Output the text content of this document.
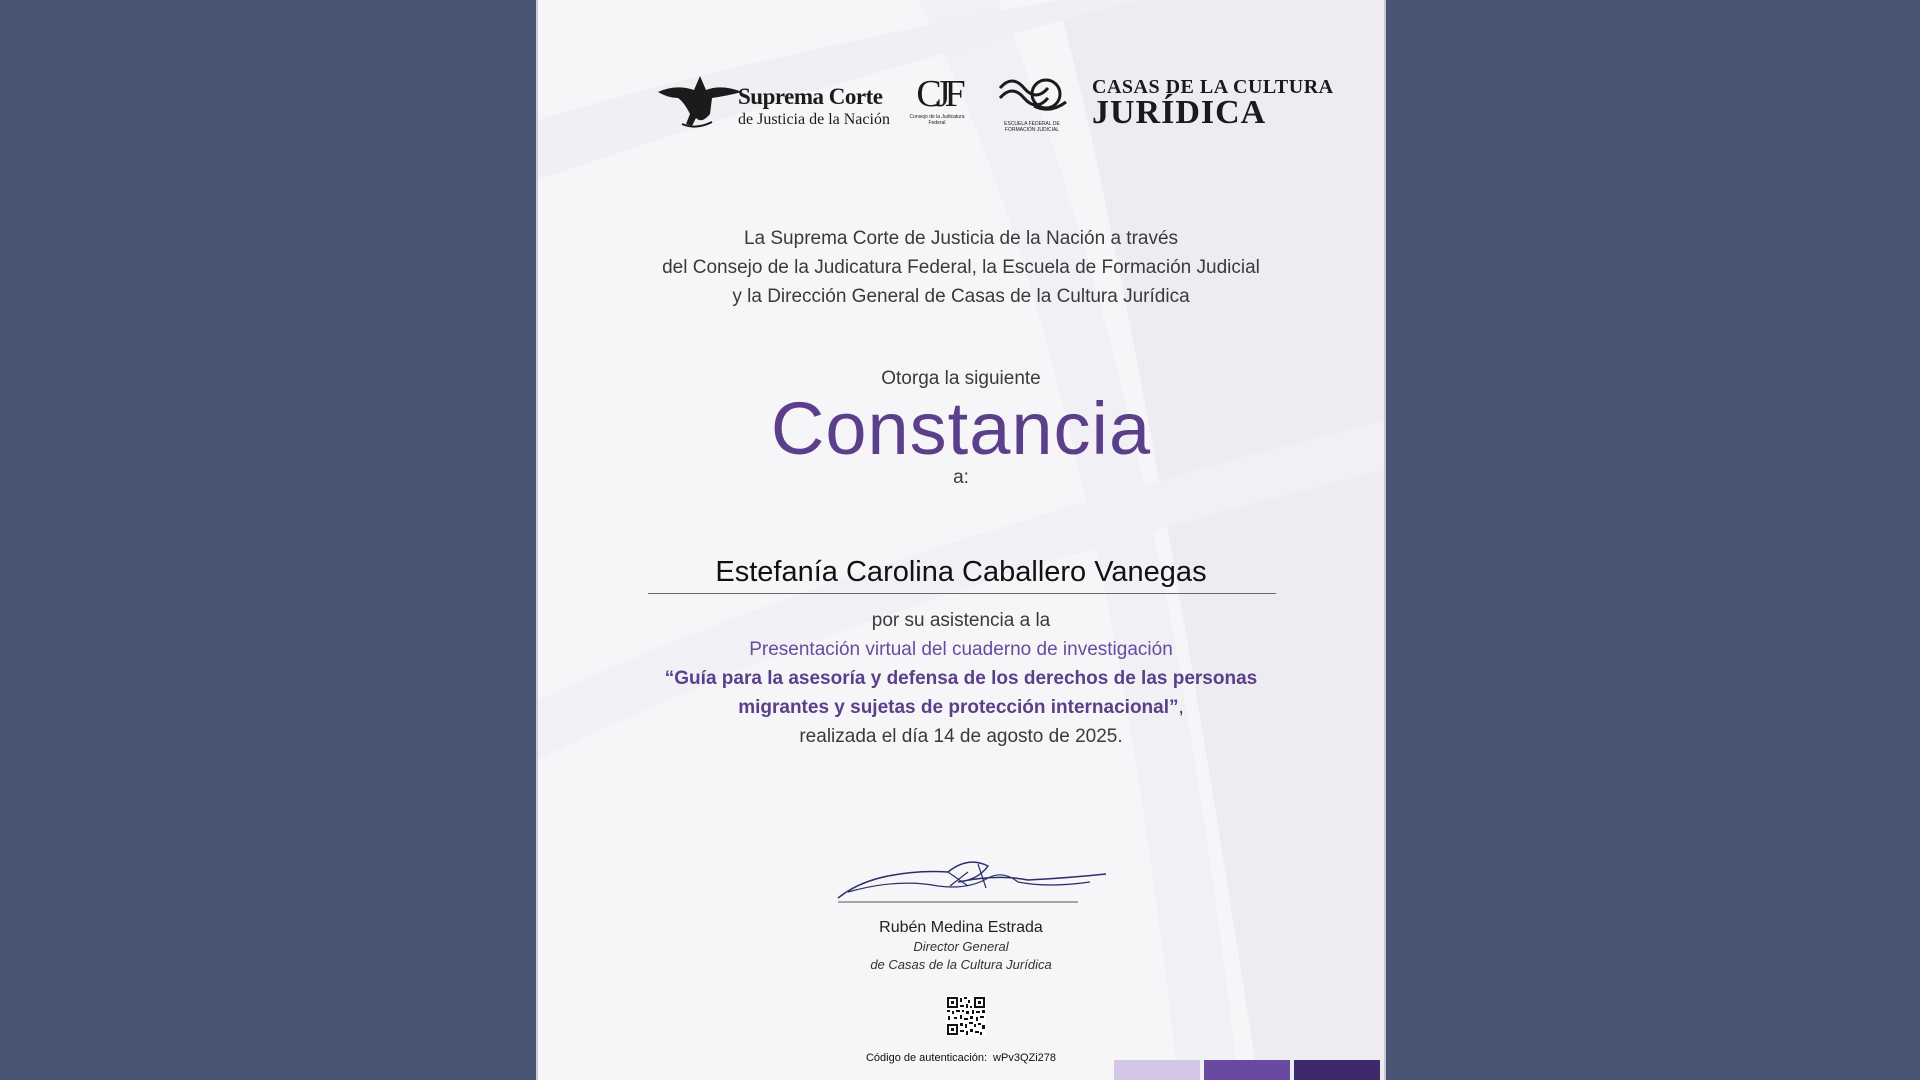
Suprema Corte
de Justicia de la Nación
CJF
Consejo de la Judicatura Federal	ESCUELA FEDERAL DE FORMACIÓN JUDICIAL
CASAS DE LA CULTURA
JURÍDICA
La Suprema Corte de Justicia de la Nación a través
del Consejo de la Judicatura Federal, la Escuela de Formación Judicial
y la Dirección General de Casas de la Cultura Jurídica
Otorga la siguiente
Constancia
a:
Estefanía Carolina Caballero Vanegas
por su asistencia a la
Presentación virtual del cuaderno de investigación
“Guía para la asesoría y defensa de los derechos de las personas
migrantes y sujetas de protección internacional”,
realizada el día 14 de agosto de 2025.
Rubén Medina Estrada
Director General
de Casas de la Cultura Jurídica
Código de autenticación: wPv3QZi278
